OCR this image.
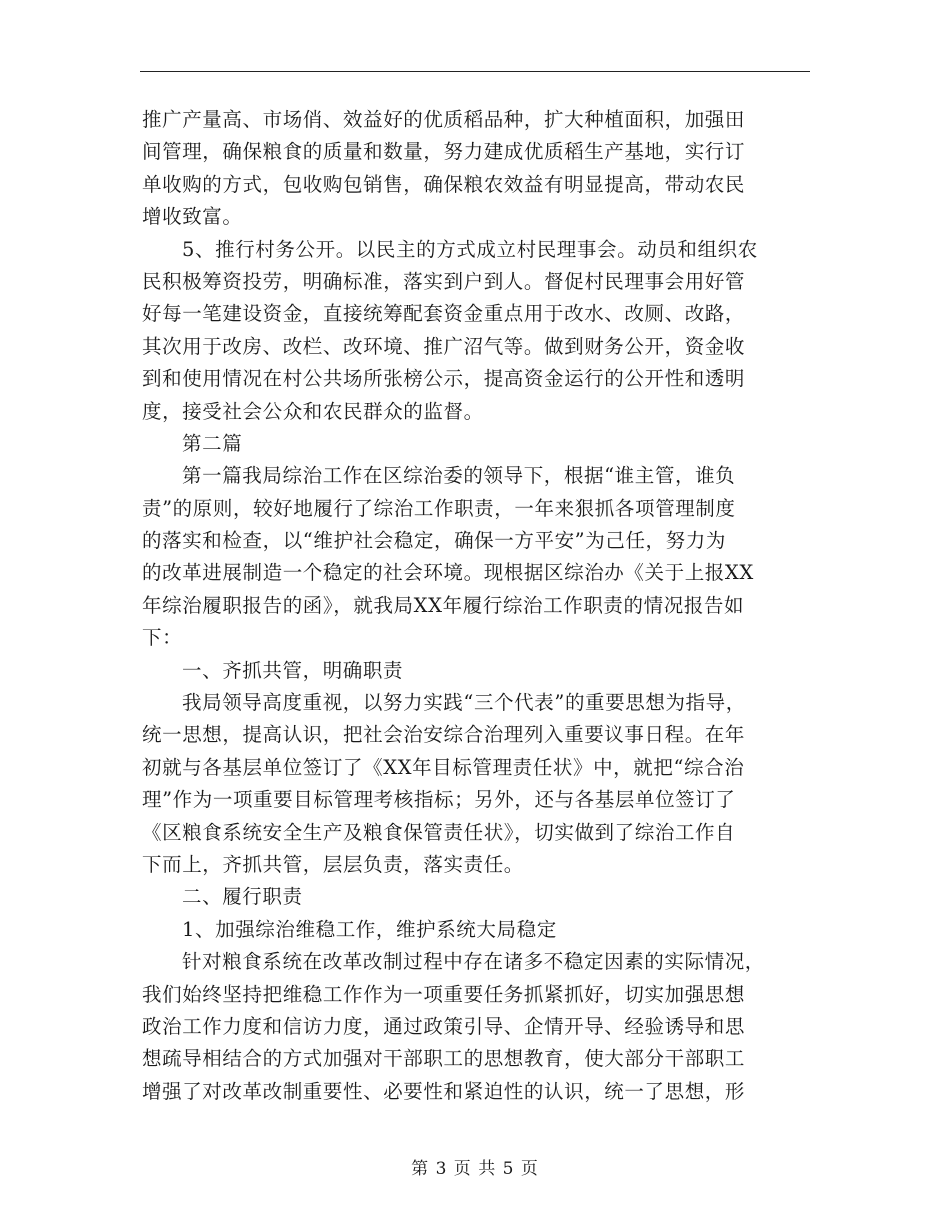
推广产量高、市场俏、效益好的优质稻品种，扩大种植面积，加强田
间管理，确保粮食的质量和数量，努力建成优质稻生产基地，实行订
单收购的方式，包收购包销售，确保粮农效益有明显提高，带动农民
增收致富。
5、推行村务公开。以民主的方式成立村民理事会。动员和组织农
民积极筹资投劳，明确标准，落实到户到人。督促村民理事会用好管
好每一笔建设资金，直接统筹配套资金重点用于改水、改厕、改路，
其次用于改房、改栏、改环境、推广沼气等。做到财务公开，资金收
到和使用情况在村公共场所张榜公示，提高资金运行的公开性和透明
度，接受社会公众和农民群众的监督。
第二篇
第一篇我局综治工作在区综治委的领导下，根据“谁主管，谁负
责”的原则，较好地履行了综治工作职责，一年来狠抓各项管理制度
的落实和检查，以“维护社会稳定，确保一方平安”为己任，努力为
的改革进展制造一个稳定的社会环境。现根据区综治办《关于上报XX
年综治履职报告的函》，就我局XX年履行综治工作职责的情况报告如
下：
一、齐抓共管，明确职责
我局领导高度重视，以努力实践“三个代表”的重要思想为指导，
统一思想，提高认识，把社会治安综合治理列入重要议事日程。在年
初就与各基层单位签订了《XX年目标管理责任状》中，就把“综合治
理”作为一项重要目标管理考核指标；另外，还与各基层单位签订了
《区粮食系统安全生产及粮食保管责任状》，切实做到了综治工作自
下而上，齐抓共管，层层负责，落实责任。
二、履行职责
1、加强综治维稳工作，维护系统大局稳定
针对粮食系统在改革改制过程中存在诸多不稳定因素的实际情况，
我们始终坚持把维稳工作作为一项重要任务抓紧抓好，切实加强思想
政治工作力度和信访力度，通过政策引导、企情开导、经验诱导和思
想疏导相结合的方式加强对干部职工的思想教育，使大部分干部职工
增强了对改革改制重要性、必要性和紧迫性的认识，统一了思想，形
第 3 页 共 5 页
